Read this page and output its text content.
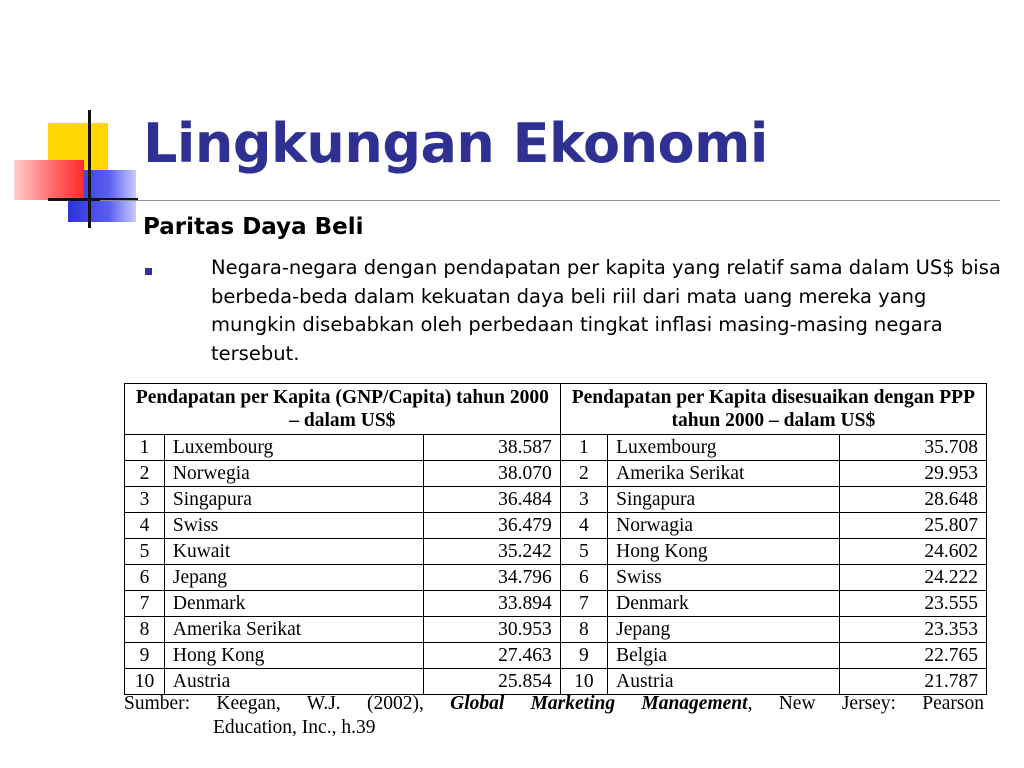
Lingkungan Ekonomi
Paritas Daya Beli

Negara-negara dengan pendapatan per kapita yang relatif sama dalam US$ bisa berbeda-beda dalam kekuatan daya beli riil dari mata uang mereka yang mungkin disebabkan oleh perbedaan tingkat inflasi masing-masing negara tersebut.

Pendapatan per Kapita (GNP/Capita) tahun 2000 – dalam US$			Pendapatan per Kapita disesuaikan dengan PPP tahun 2000 – dalam US$		
1	Luxembourg	38.587	1	Luxembourg	35.708
2	Norwegia	38.070	2	Amerika Serikat	29.953
3	Singapura	36.484	3	Singapura	28.648
4	Swiss	36.479	4	Norwagia	25.807
5	Kuwait	35.242	5	Hong Kong	24.602
6	Jepang	34.796	6	Swiss	24.222
7	Denmark	33.894	7	Denmark	23.555
8	Amerika Serikat	30.953	8	Jepang	23.353
9	Hong Kong	27.463	9	Belgia	22.765
10	Austria	25.854	10	Austria	21.787

Sumber: Keegan, W.J. (2002), Global Marketing Management, New Jersey: Pearson

Education, Inc., h.39
